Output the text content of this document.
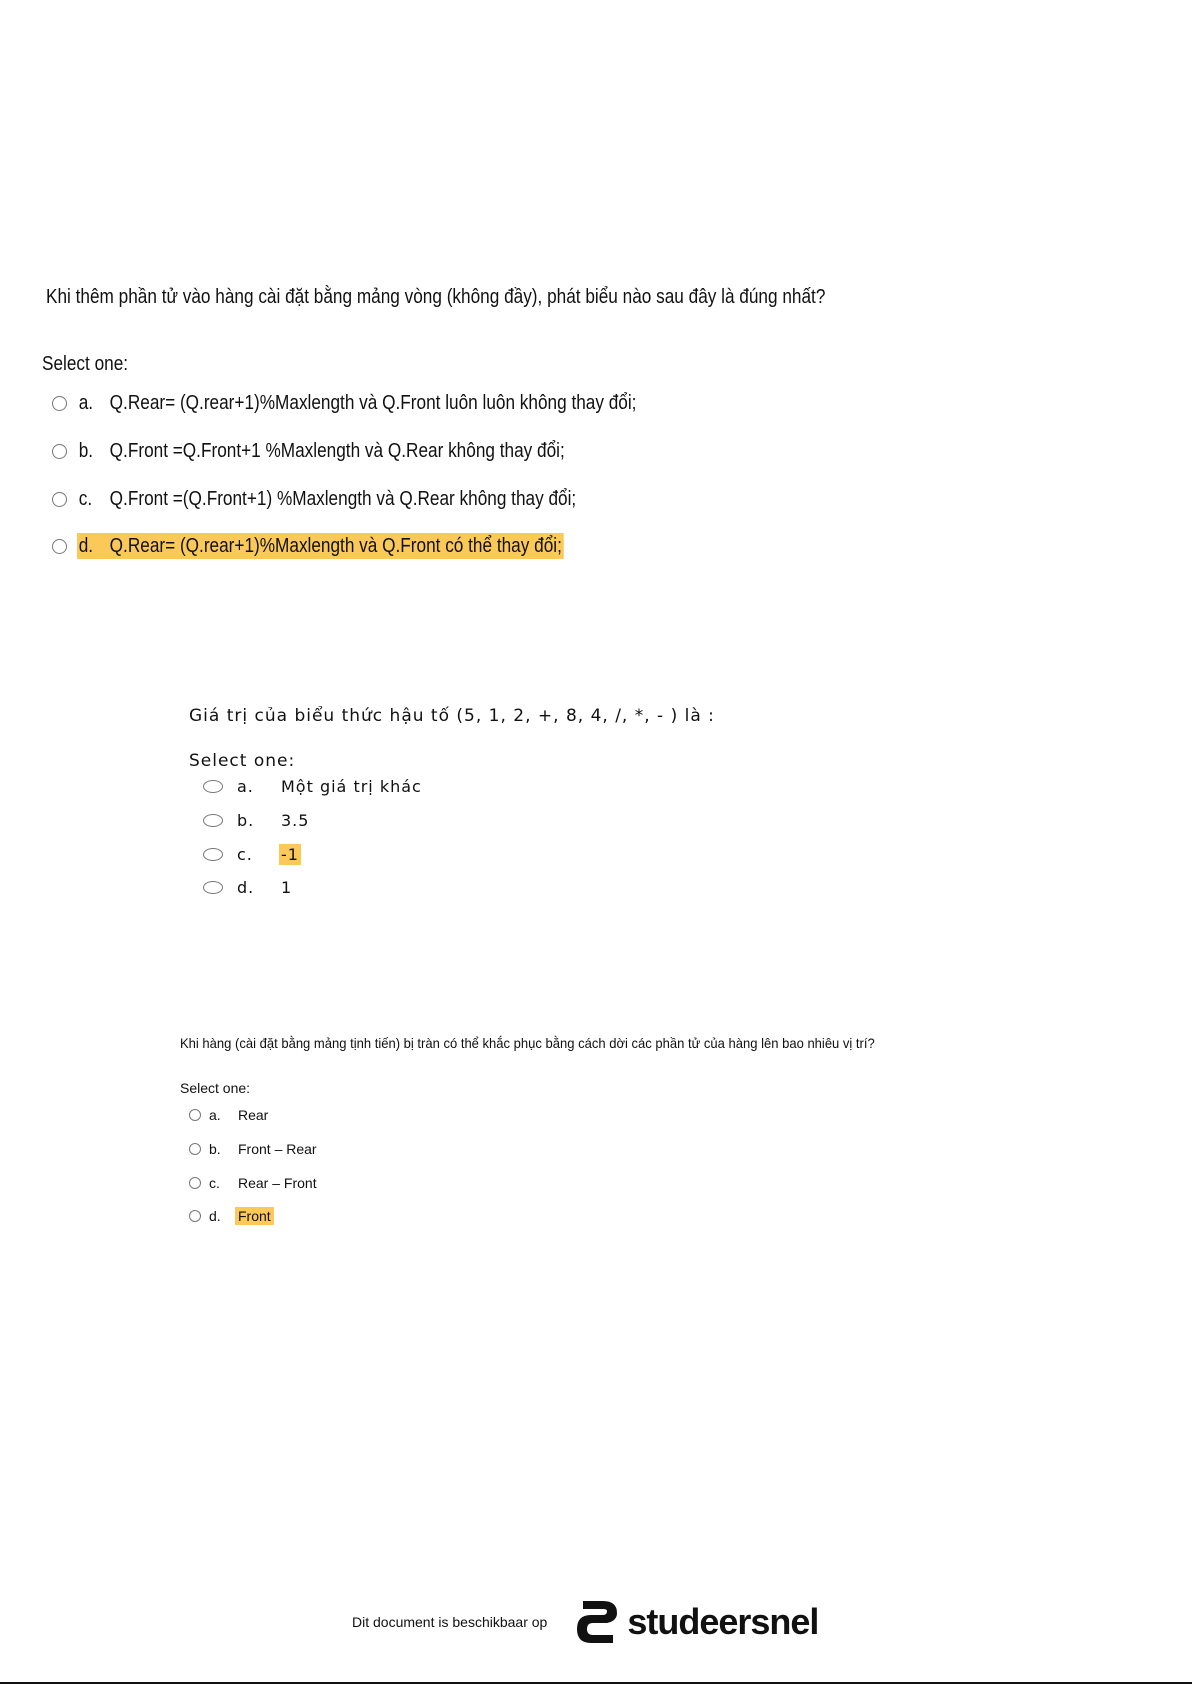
Khi thêm phần tử vào hàng cài đặt bằng mảng vòng (không đầy), phát biểu nào sau đây là đúng nhất?
Select one:
a. Q.Rear= (Q.rear+1)%Maxlength và Q.Front luôn luôn không thay đổi;
b. Q.Front =Q.Front+1 %Maxlength và Q.Rear không thay đổi;
c. Q.Front =(Q.Front+1) %Maxlength và Q.Rear không thay đổi;
d. Q.Rear= (Q.rear+1)%Maxlength và Q.Front có thể thay đổi;
Giá trị của biểu thức hậu tố (5, 1, 2, +, 8, 4, /, *, - ) là :
Select one:
a.	Một giá trị khác
b.	3.5
c.	-1
d.	1
Khi hàng (cài đặt bằng mảng tịnh tiến) bị tràn có thể khắc phục bằng cách dời các phần tử của hàng lên bao nhiêu vị trí?
Select one:
a.	Rear
b.	Front – Rear
c.	Rear – Front
d.	Front
Dit document is beschikbaar op studeersnel
